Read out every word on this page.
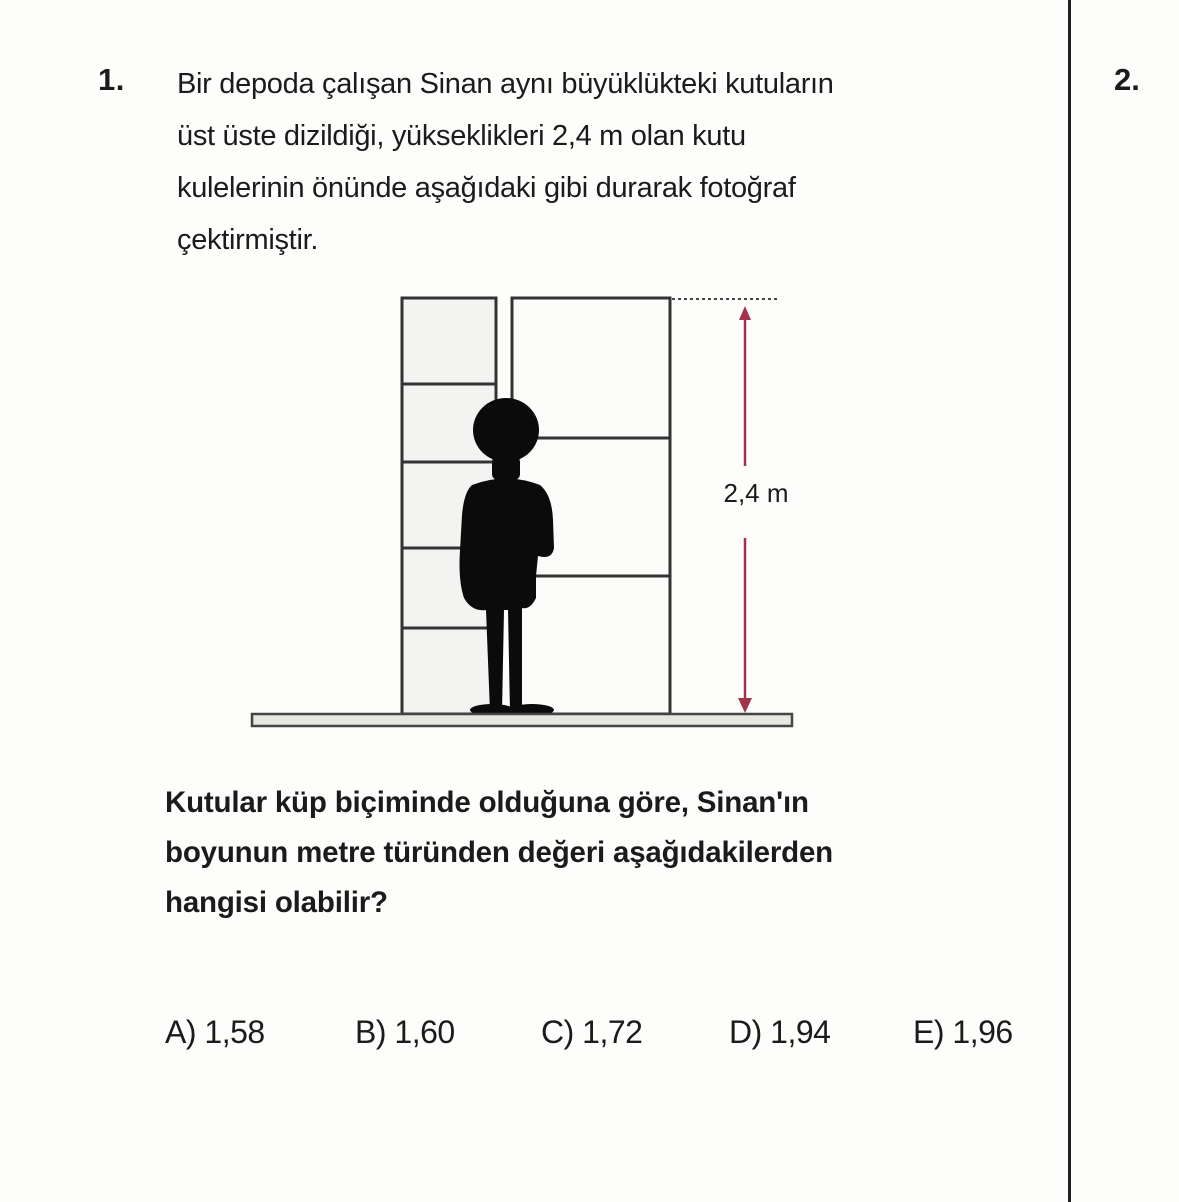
1. Bir depoda çalışan Sinan aynı büyüklükteki kutuların
üst üste dizildiği, yükseklikleri 2,4 m olan kutu
kulelerinin önünde aşağıdaki gibi durarak fotoğraf
çektirmiştir.
2,4 m
Kutular küp biçiminde olduğuna göre, Sinan'ın
boyunun metre türünden değeri aşağıdakilerden
hangisi olabilir?
A) 1,58	B) 1,60	C) 1,72	D) 1,94	E) 1,96
2.
